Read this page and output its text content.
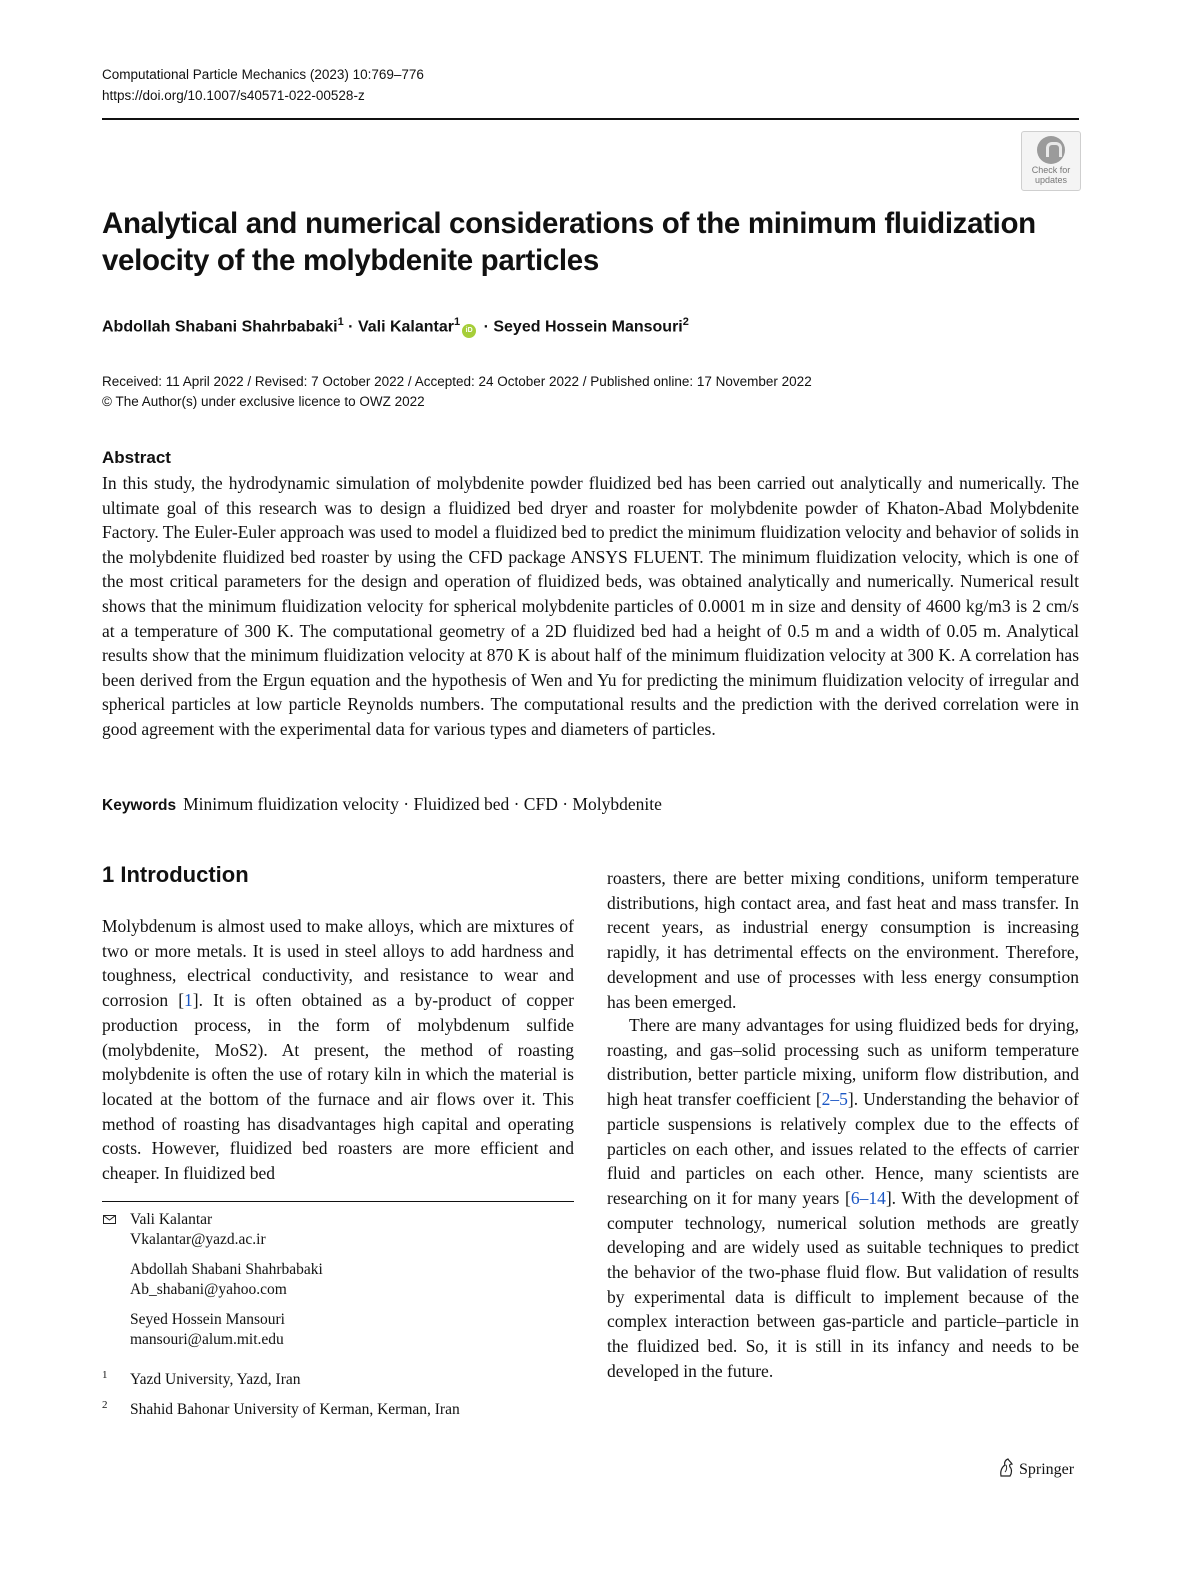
Computational Particle Mechanics (2023) 10:769–776
https://doi.org/10.1007/s40571-022-00528-z
Check for updates
Analytical and numerical considerations of the minimum fluidization velocity of the molybdenite particles
Abdollah Shabani Shahrbabaki$^1$ · Vali Kalantar$^1$iD · Seyed Hossein Mansouri$^2$
Received: 11 April 2022 / Revised: 7 October 2022 / Accepted: 24 October 2022 / Published online: 17 November 2022
© The Author(s) under exclusive licence to OWZ 2022
Abstract

In this study, the hydrodynamic simulation of molybdenite powder fluidized bed has been carried out analytically and numerically. The ultimate goal of this research was to design a fluidized bed dryer and roaster for molybdenite powder of Khaton-Abad Molybdenite Factory. The Euler-Euler approach was used to model a fluidized bed to predict the minimum fluidization velocity and behavior of solids in the molybdenite fluidized bed roaster by using the CFD package ANSYS FLUENT. The minimum fluidization velocity, which is one of the most critical parameters for the design and operation of fluidized beds, was obtained analytically and numerically. Numerical result shows that the minimum fluidization velocity for spherical molybdenite particles of 0.0001 m in size and density of 4600 kg/m3 is 2 cm/s at a temperature of 300 K. The computational geometry of a 2D fluidized bed had a height of 0.5 m and a width of 0.05 m. Analytical results show that the minimum fluidization velocity at 870 K is about half of the minimum fluidization velocity at 300 K. A correlation has been derived from the Ergun equation and the hypothesis of Wen and Yu for predicting the minimum fluidization velocity of irregular and spherical particles at low particle Reynolds numbers. The computational results and the prediction with the derived correlation were in good agreement with the experimental data for various types and diameters of particles.

Keywords Minimum fluidization velocity · Fluidized bed · CFD · Molybdenite
1 Introduction

Molybdenum is almost used to make alloys, which are mixtures of two or more metals. It is used in steel alloys to add hardness and toughness, electrical conductivity, and resistance to wear and corrosion [1]. It is often obtained as a by-product of copper production process, in the form of molybdenum sulfide (molybdenite, MoS2). At present, the method of roasting molybdenite is often the use of rotary kiln in which the material is located at the bottom of the furnace and air flows over it. This method of roasting has disadvantages high capital and operating costs. However, fluidized bed roasters are more efficient and cheaper. In fluidized bed

roasters, there are better mixing conditions, uniform temperature distributions, high contact area, and fast heat and mass transfer. In recent years, as industrial energy consumption is increasing rapidly, it has detrimental effects on the environment. Therefore, development and use of processes with less energy consumption has been emerged.

There are many advantages for using fluidized beds for drying, roasting, and gas–solid processing such as uniform temperature distribution, better particle mixing, uniform flow distribution, and high heat transfer coefficient [2–5]. Understanding the behavior of particle suspensions is relatively complex due to the effects of particles on each other, and issues related to the effects of carrier fluid and particles on each other. Hence, many scientists are researching on it for many years [6–14]. With the development of computer technology, numerical solution methods are greatly developing and are widely used as suitable techniques to predict the behavior of the two-phase fluid flow. But validation of results by experimental data is difficult to implement because of the complex interaction between gas-particle and particle–particle in the fluidized bed. So, it is still in its infancy and needs to be developed in the future.

Vali Kalantar
Vkalantar@yazd.ac.ir
Abdollah Shabani Shahrbabaki
Ab_shabani@yahoo.com
Seyed Hossein Mansouri
mansouri@alum.mit.edu
1	Yazd University, Yazd, Iran
2	Shahid Bahonar University of Kerman, Kerman, Iran
Springer
